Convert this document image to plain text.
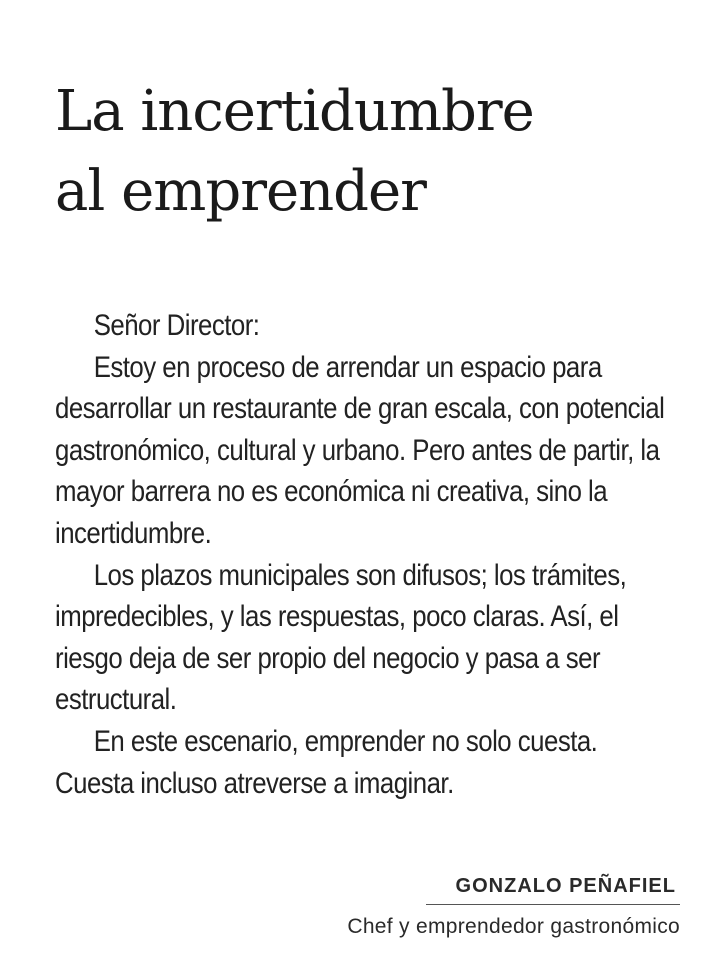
La incertidumbre
al emprender

Señor Director:

Estoy en proceso de arrendar un espacio para desarrollar un restaurante de gran escala, con potencial gastronómico, cultural y urbano. Pero antes de partir, la mayor barrera no es económica ni creativa, sino la incertidumbre.

Los plazos municipales son difusos; los trámites, impredecibles, y las respuestas, poco claras. Así, el riesgo deja de ser propio del negocio y pasa a ser estructural.

En este escenario, emprender no solo cuesta. Cuesta incluso atreverse a imaginar.

GONZALO PEÑAFIEL
Chef y emprendedor gastronómico
